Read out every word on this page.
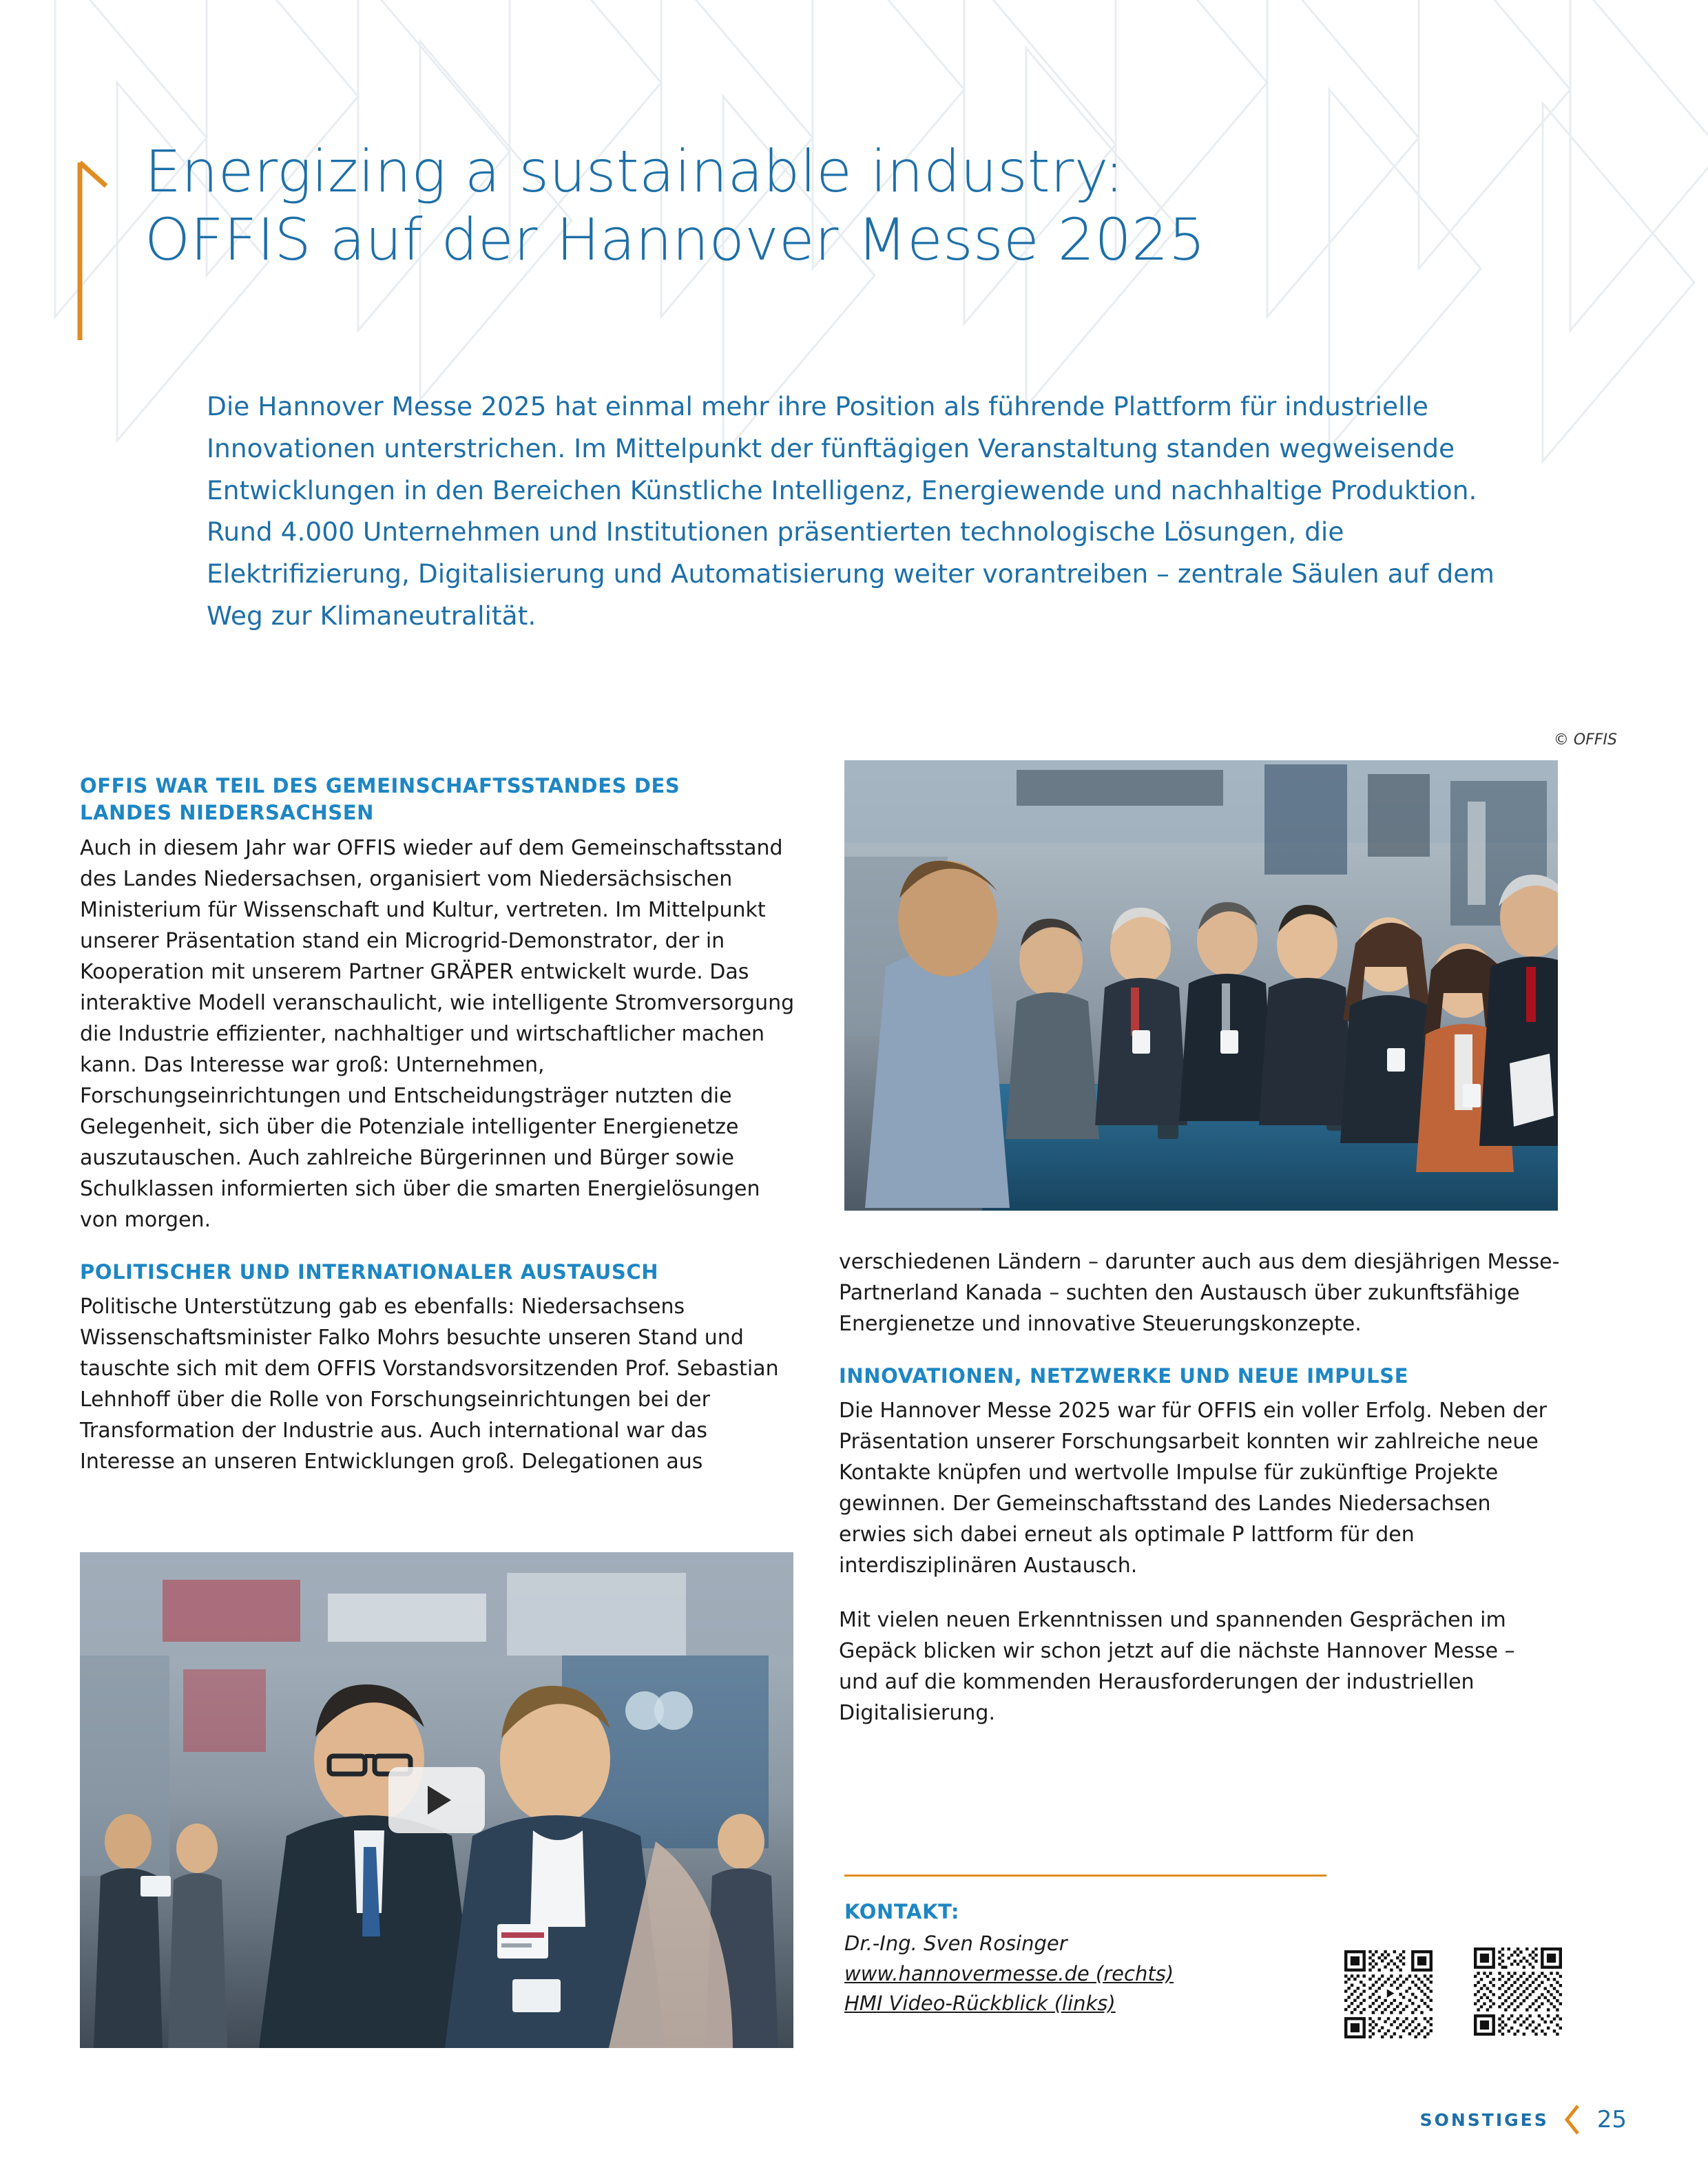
Energizing a sustainable industry:
OFFIS auf der Hannover Messe 2025
Die Hannover Messe 2025 hat einmal mehr ihre Position als führende Plattform für industrielle Innovationen unterstrichen. Im Mittelpunkt der fünftägigen Veranstaltung standen wegweisende Entwicklungen in den Bereichen Künstliche Intelligenz, Energiewende und nachhaltige Produktion. Rund 4.000 Unternehmen und Institutionen präsentierten technologische Lösungen, die Elektrifizierung, Digitalisierung und Automatisierung weiter vorantreiben – zentrale Säulen auf dem Weg zur Klimaneutralität.
© OFFIS
OFFIS WAR TEIL DES GEMEINSCHAFTSSTANDES DES
LANDES NIEDERSACHSEN

Auch in diesem Jahr war OFFIS wieder auf dem Gemeinschaftsstand des Landes Niedersachsen, organisiert vom Niedersächsischen Ministerium für Wissenschaft und Kultur, vertreten. Im Mittelpunkt unserer Präsentation stand ein Microgrid-Demonstrator, der in Kooperation mit unserem Partner GRÄPER entwickelt wurde. Das interaktive Modell veranschaulicht, wie intelligente Stromversorgung die Industrie effizienter, nachhaltiger und wirtschaftlicher machen kann. Das Interesse war groß: Unternehmen, Forschungseinrichtungen und Entscheidungsträger nutzten die Gelegenheit, sich über die Potenziale intelligenter Energienetze auszutauschen. Auch zahlreiche Bürgerinnen und Bürger sowie Schulklassen informierten sich über die smarten Energielösungen von morgen.

POLITISCHER UND INTERNATIONALER AUSTAUSCH

Politische Unterstützung gab es ebenfalls: Niedersachsens Wissenschaftsminister Falko Mohrs besuchte unseren Stand und tauschte sich mit dem OFFIS Vorstandsvorsitzenden Prof. Sebastian Lehnhoff über die Rolle von Forschungseinrichtungen bei der Transformation der Industrie aus. Auch international war das Interesse an unseren Entwicklungen groß. Delegationen aus

verschiedenen Ländern – darunter auch aus dem diesjährigen Messe-Partnerland Kanada – suchten den Austausch über zukunftsfähige Energienetze und innovative Steuerungskonzepte.

INNOVATIONEN, NETZWERKE UND NEUE IMPULSE

Die Hannover Messe 2025 war für OFFIS ein voller Erfolg. Neben der Präsentation unserer Forschungsarbeit konnten wir zahlreiche neue Kontakte knüpfen und wertvolle Impulse für zukünftige Projekte gewinnen. Der Gemeinschaftsstand des Landes Niedersachsen erwies sich dabei erneut als optimale P lattform für den interdisziplinären Austausch.

Mit vielen neuen Erkenntnissen und spannenden Gesprächen im Gepäck blicken wir schon jetzt auf die nächste Hannover Messe – und auf die kommenden Herausforderungen der industriellen Digitalisierung.

KONTAKT:
Dr.-Ing. Sven Rosinger
www.hannovermesse.de (rechts)
HMI Video-Rückblick (links)
SONSTIGES 25
